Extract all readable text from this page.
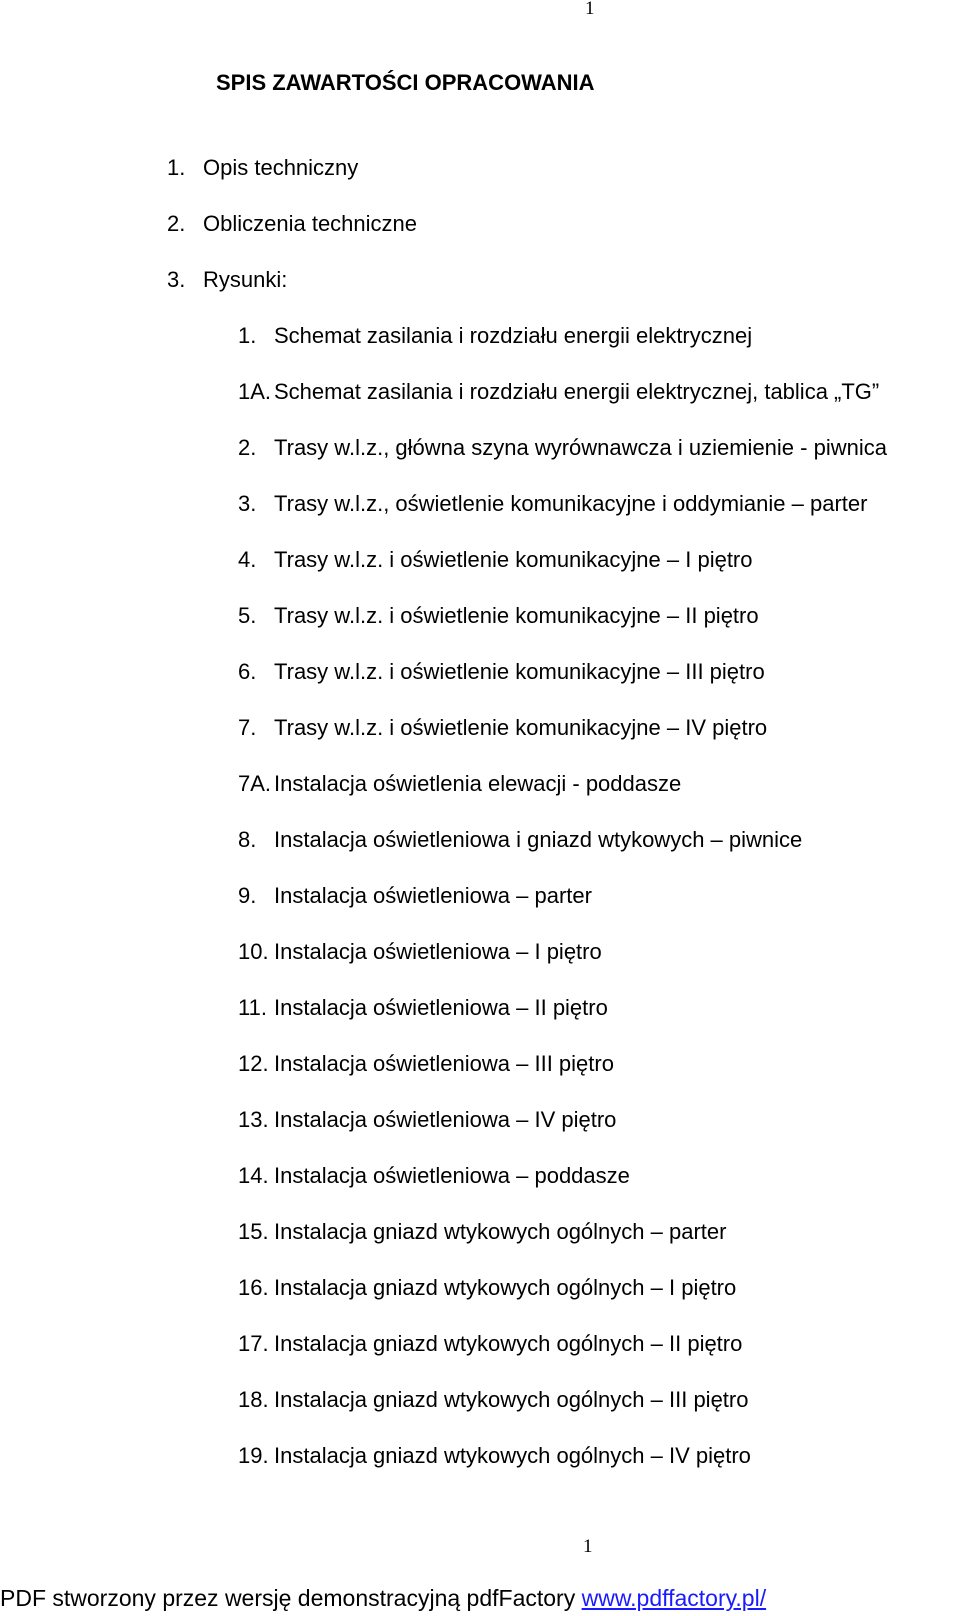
1
SPIS ZAWARTOŚCI OPRACOWANIA
1. Opis techniczny
2. Obliczenia techniczne
3. Rysunki:
1. Schemat zasilania i rozdziału energii elektrycznej
1A. Schemat zasilania i rozdziału energii elektrycznej, tablica „TG”
2. Trasy w.l.z., główna szyna wyrównawcza i uziemienie - piwnica
3. Trasy w.l.z., oświetlenie komunikacyjne i oddymianie – parter
4. Trasy w.l.z. i oświetlenie komunikacyjne – I piętro
5. Trasy w.l.z. i oświetlenie komunikacyjne – II piętro
6. Trasy w.l.z. i oświetlenie komunikacyjne – III piętro
7. Trasy w.l.z. i oświetlenie komunikacyjne – IV piętro
7A. Instalacja oświetlenia elewacji - poddasze
8. Instalacja oświetleniowa i gniazd wtykowych – piwnice
9. Instalacja oświetleniowa – parter
10. Instalacja oświetleniowa – I piętro
11. Instalacja oświetleniowa – II piętro
12. Instalacja oświetleniowa – III piętro
13. Instalacja oświetleniowa – IV piętro
14. Instalacja oświetleniowa – poddasze
15. Instalacja gniazd wtykowych ogólnych – parter
16. Instalacja gniazd wtykowych ogólnych – I piętro
17. Instalacja gniazd wtykowych ogólnych – II piętro
18. Instalacja gniazd wtykowych ogólnych – III piętro
19. Instalacja gniazd wtykowych ogólnych – IV piętro
1
PDF stworzony przez wersję demonstracyjną pdfFactory www.pdffactory.pl/
